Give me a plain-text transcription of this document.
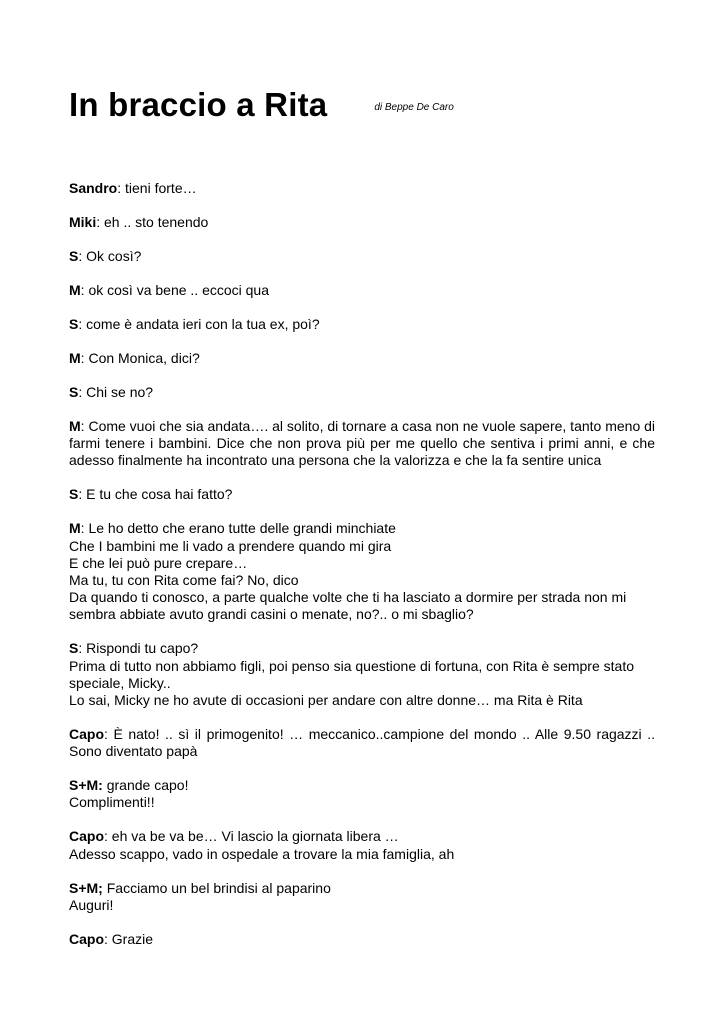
In braccio a Rita	di Beppe De Caro

Sandro: tieni forte…

Miki: eh .. sto tenendo

S: Ok così?

M: ok così va bene .. eccoci qua

S: come è andata ieri con la tua ex, poì?

M: Con Monica, dici?

S: Chi se no?

M: Come vuoi che sia andata…. al solito, di tornare a casa non ne vuole sapere, tanto meno di farmi tenere i bambini. Dice che non prova più per me quello che sentiva i primi anni, e che adesso finalmente ha incontrato una persona che la valorizza e che la fa sentire unica

S: E tu che cosa hai fatto?

M: Le ho detto che erano tutte delle grandi minchiate
Che I bambini me li vado a prendere quando mi gira
E che lei può pure crepare…
Ma tu, tu con Rita come fai? No, dico
Da quando ti conosco, a parte qualche volte che ti ha lasciato a dormire per strada non mi sembra abbiate avuto grandi casini o menate, no?.. o mi sbaglio?

S: Rispondi tu capo?
Prima di tutto non abbiamo figli, poi penso sia questione di fortuna, con Rita è sempre stato speciale, Micky..
Lo sai, Micky ne ho avute di occasioni per andare con altre donne… ma Rita è Rita

Capo: È nato! .. sì il primogenito! … meccanico..campione del mondo .. Alle 9.50 ragazzi .. Sono diventato papà

S+M: grande capo!
Complimenti!!

Capo: eh va be va be… Vi lascio la giornata libera …
Adesso scappo, vado in ospedale a trovare la mia famiglia, ah

S+M; Facciamo un bel brindisi al paparino
Auguri!

Capo: Grazie
